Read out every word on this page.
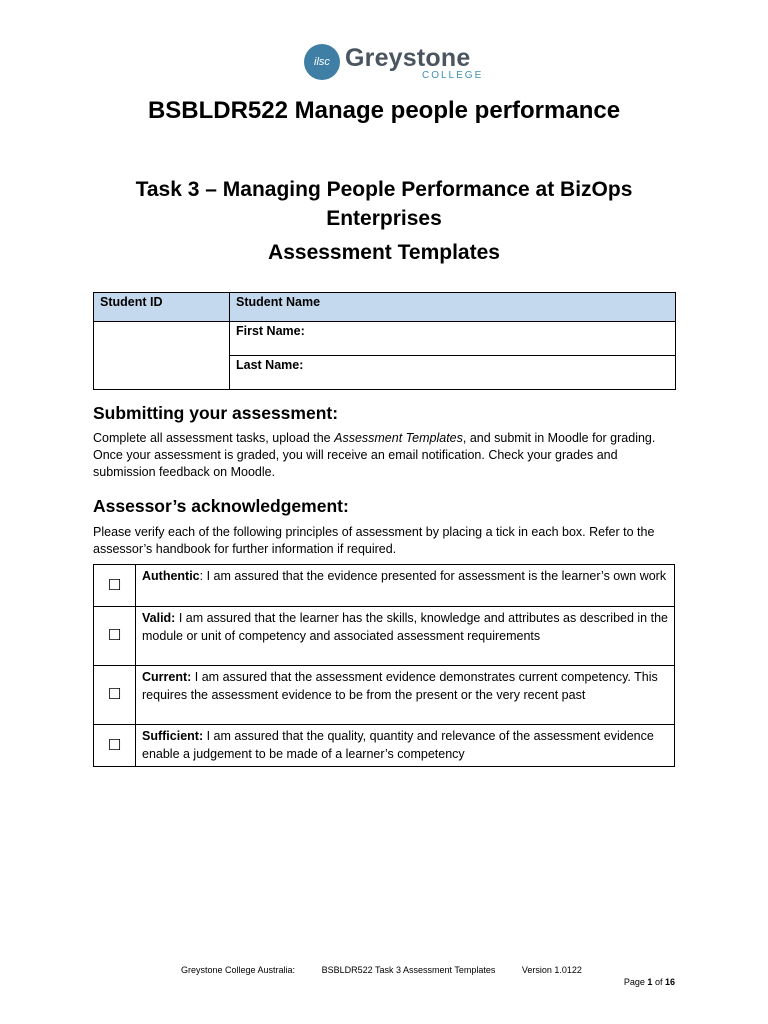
ilsc Greystone
COLLEGE
BSBLDR522 Manage people performance
Task 3 – Managing People Performance at BizOps Enterprises
Assessment Templates
Student ID	Student Name
	First Name:
	Last Name:
Submitting your assessment:
Complete all assessment tasks, upload the Assessment Templates, and submit in Moodle for grading. Once your assessment is graded, you will receive an email notification. Check your grades and submission feedback on Moodle.
Assessor’s acknowledgement:
Please verify each of the following principles of assessment by placing a tick in each box. Refer to the assessor’s handbook for further information if required.
☐	Authentic: I am assured that the evidence presented for assessment is the learner’s own work
☐	Valid: I am assured that the learner has the skills, knowledge and attributes as described in the module or unit of competency and associated assessment requirements
☐	Current: I am assured that the assessment evidence demonstrates current competency. This requires the assessment evidence to be from the present or the very recent past
☐	Sufficient: I am assured that the quality, quantity and relevance of the assessment evidence enable a judgement to be made of a learner’s competency
Greystone College Australia:	BSBLDR522 Task 3 Assessment Templates	Version 1.0122
Page 1 of 16
